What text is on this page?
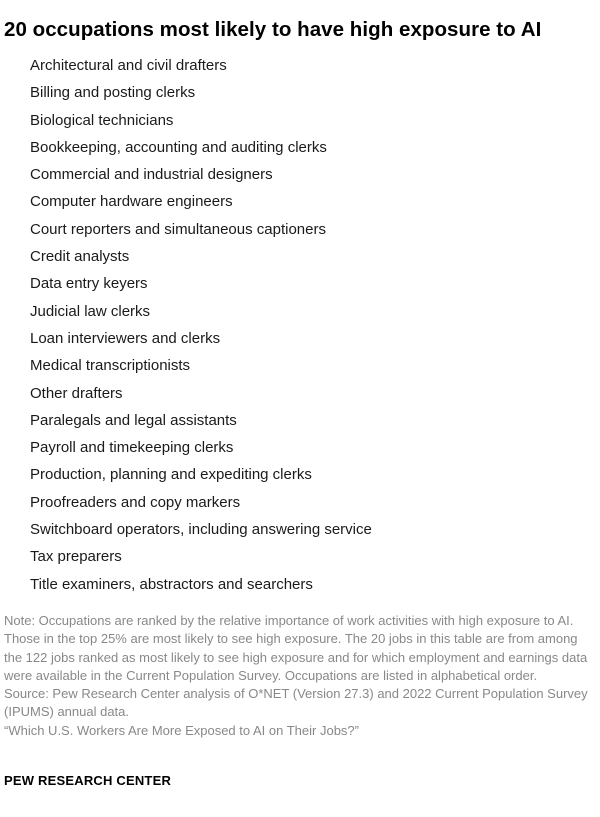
20 occupations most likely to have high exposure to AI
Architectural and civil drafters
Billing and posting clerks
Biological technicians
Bookkeeping, accounting and auditing clerks
Commercial and industrial designers
Computer hardware engineers
Court reporters and simultaneous captioners
Credit analysts
Data entry keyers
Judicial law clerks
Loan interviewers and clerks
Medical transcriptionists
Other drafters
Paralegals and legal assistants
Payroll and timekeeping clerks
Production, planning and expediting clerks
Proofreaders and copy markers
Switchboard operators, including answering service
Tax preparers
Title examiners, abstractors and searchers

Note: Occupations are ranked by the relative importance of work activities with high exposure to AI. Those in the top 25% are most likely to see high exposure. The 20 jobs in this table are from among the 122 jobs ranked as most likely to see high exposure and for which employment and earnings data were available in the Current Population Survey. Occupations are listed in alphabetical order.

Source: Pew Research Center analysis of O*NET (Version 27.3) and 2022 Current Population Survey (IPUMS) annual data.

“Which U.S. Workers Are More Exposed to AI on Their Jobs?”

PEW RESEARCH CENTER
